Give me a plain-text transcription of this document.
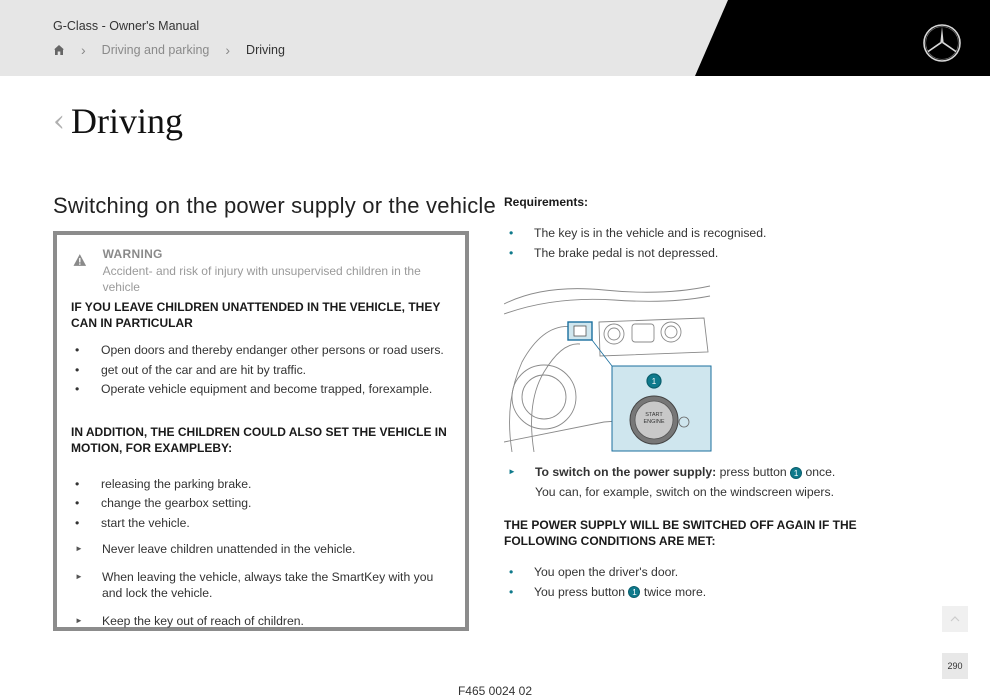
G-Class - Owner's Manual
› Driving and parking › Driving
‹ Driving
Switching on the power supply or the vehicle
WARNING
Accident- and risk of injury with unsupervised children in the vehicle
IF YOU LEAVE CHILDREN UNATTENDED IN THE VEHICLE, THEY CAN IN PARTICULAR
• Open doors and thereby endanger other persons or road users.
• get out of the car and are hit by traffic.
• Operate vehicle equipment and become trapped, forexample.
IN ADDITION, THE CHILDREN COULD ALSO SET THE VEHICLE IN MOTION, FOR EXAMPLEBY:
• releasing the parking brake.
• change the gearbox setting.
• start the vehicle.
► Never leave children unattended in the vehicle.
► When leaving the vehicle, always take the SmartKey with you and lock the vehicle.
► Keep the key out of reach of children.
Requirements:
• The key is in the vehicle and is recognised.
• The brake pedal is not depressed.
START
ENGINE
1
► To switch on the power supply: press button 1 once.
You can, for example, switch on the windscreen wipers.
THE POWER SUPPLY WILL BE SWITCHED OFF AGAIN IF THE FOLLOWING CONDITIONS ARE MET:
• You open the driver's door.
• You press button 1 twice more.
F465 0024 02
290
